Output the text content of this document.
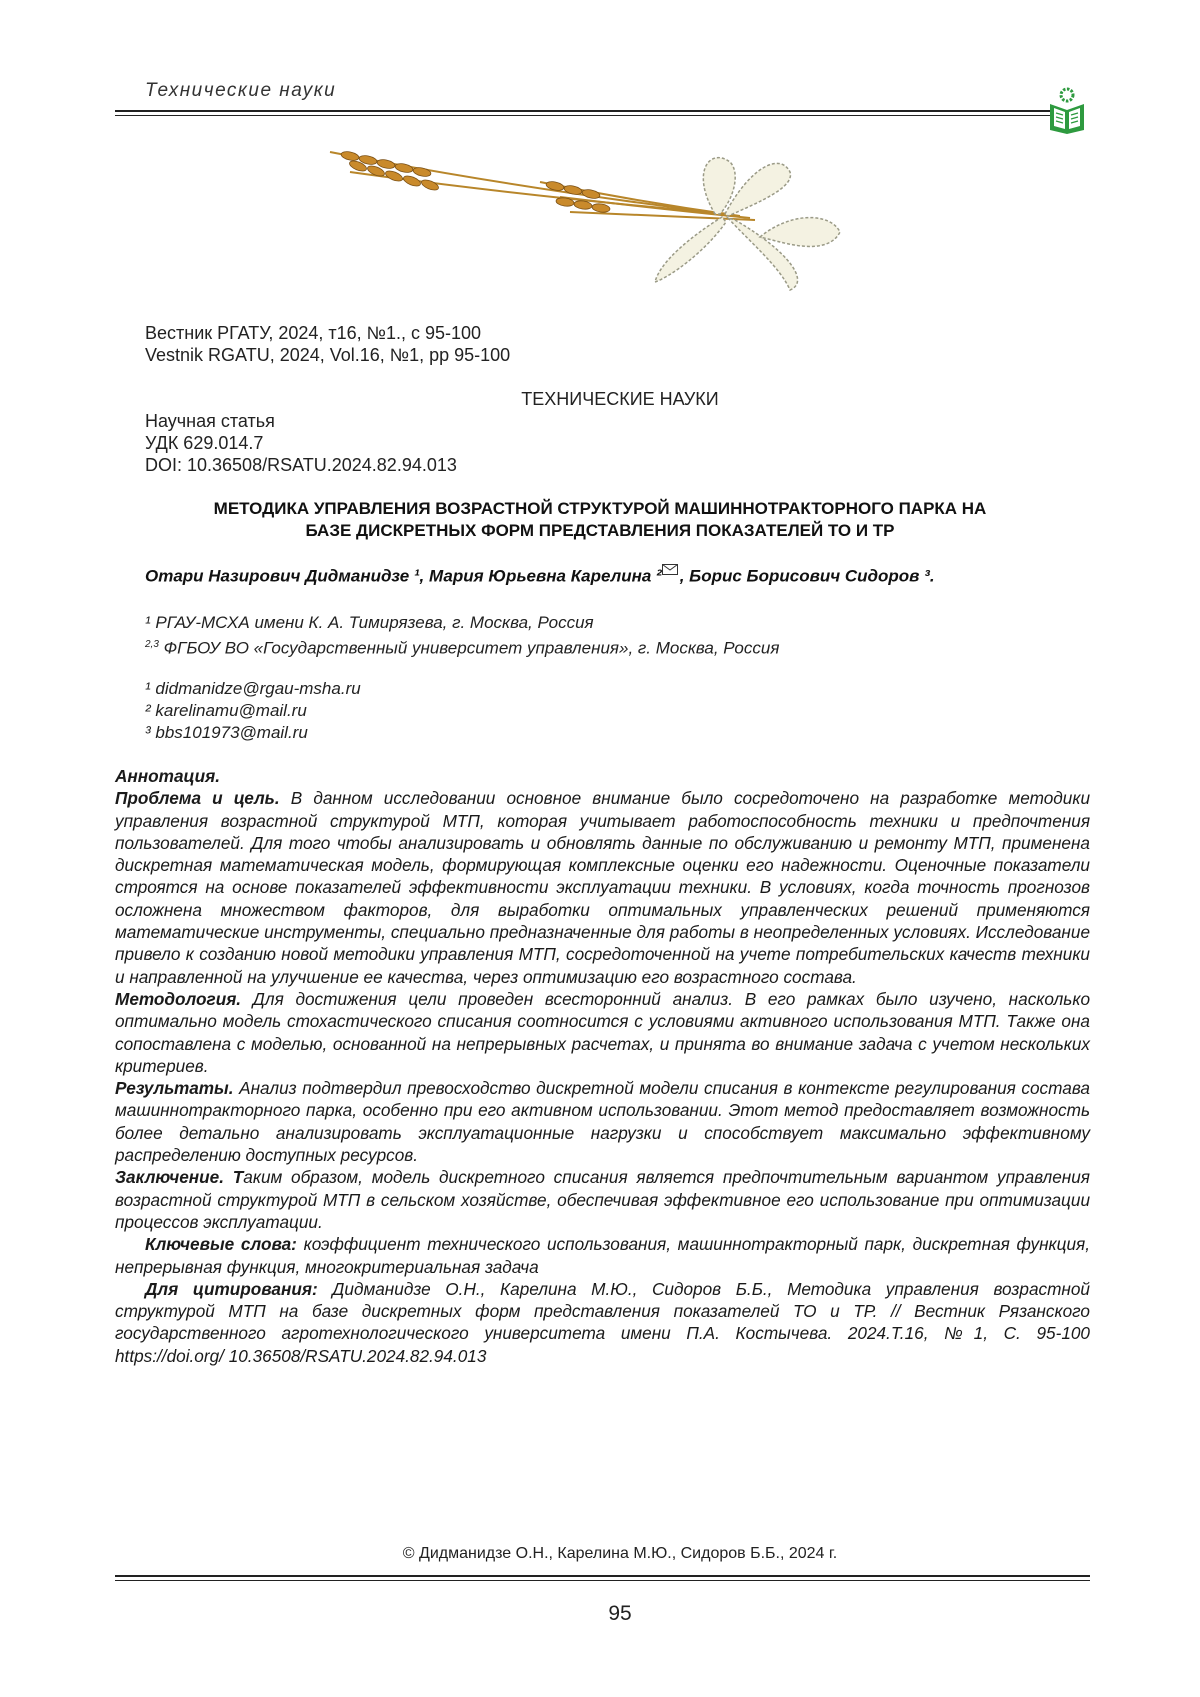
Технические науки
Вестник РГАТУ, 2024, т16, №1., с 95-100
Vestnik RGATU, 2024, Vol.16, №1, pp 95-100
ТЕХНИЧЕСКИЕ НАУКИ
Научная статья
УДК 629.014.7
DOI: 10.36508/RSATU.2024.82.94.013
МЕТОДИКА УПРАВЛЕНИЯ ВОЗРАСТНОЙ СТРУКТУРОЙ МАШИННОТРАКТОРНОГО ПАРКА НА
БАЗЕ ДИСКРЕТНЫХ ФОРМ ПРЕДСТАВЛЕНИЯ ПОКАЗАТЕЛЕЙ ТО И ТР
Отари Назирович Дидманидзе ¹, Мария Юрьевна Карелина ² , Борис Борисович Сидоров ³.
¹ РГАУ-МСХА имени К. А. Тимирязева, г. Москва, Россия
$^{2,3}$ ФГБОУ ВО «Государственный университет управления», г. Москва, Россия
¹ didmanidze@rgau-msha.ru
² karelinamu@mail.ru
³ bbs101973@mail.ru

Аннотация.

Проблема и цель. В данном исследовании основное внимание было сосредоточено на разработке методики управления возрастной структурой МТП, которая учитывает работоспособность техники и предпочтения пользователей. Для того чтобы анализировать и обновлять данные по обслуживанию и ремонту МТП, применена дискретная математическая модель, формирующая комплексные оценки его надежности. Оценочные показатели строятся на основе показателей эффективности эксплуатации техники. В условиях, когда точность прогнозов осложнена множеством факторов, для выработки оптимальных управленческих решений применяются математические инструменты, специально предназначенные для работы в неопределенных условиях. Исследование привело к созданию новой методики управления МТП, сосредоточенной на учете потребительских качеств техники и направленной на улучшение ее качества, через оптимизацию его возрастного состава.

Методология. Для достижения цели проведен всесторонний анализ. В его рамках было изучено, насколько оптимально модель стохастического списания соотносится с условиями активного использования МТП. Также она сопоставлена с моделью, основанной на непрерывных расчетах, и принята во внимание задача с учетом нескольких критериев.

Результаты. Анализ подтвердил превосходство дискретной модели списания в контексте регулирования состава машиннотракторного парка, особенно при его активном использовании. Этот метод предоставляет возможность более детально анализировать эксплуатационные нагрузки и способствует максимально эффективному распределению доступных ресурсов.

Заключение. Таким образом, модель дискретного списания является предпочтительным вариантом управления возрастной структурой МТП в сельском хозяйстве, обеспечивая эффективное его использование при оптимизации процессов эксплуатации.

Ключевые слова: коэффициент технического использования, машиннотракторный парк, дискретная функция, непрерывная функция, многокритериальная задача

Для цитирования: Дидманидзе О.Н., Карелина М.Ю., Сидоров Б.Б., Методика управления возрастной структурой МТП на базе дискретных форм представления показателей ТО и ТР. // Вестник Рязанского государственного агротехнологического университета имени П.А. Костычева. 2024.Т.16, №1, С. 95-100 https://doi.org/ 10.36508/RSATU.2024.82.94.013

© Дидманидзе О.Н., Карелина М.Ю., Сидоров Б.Б., 2024 г.
95
